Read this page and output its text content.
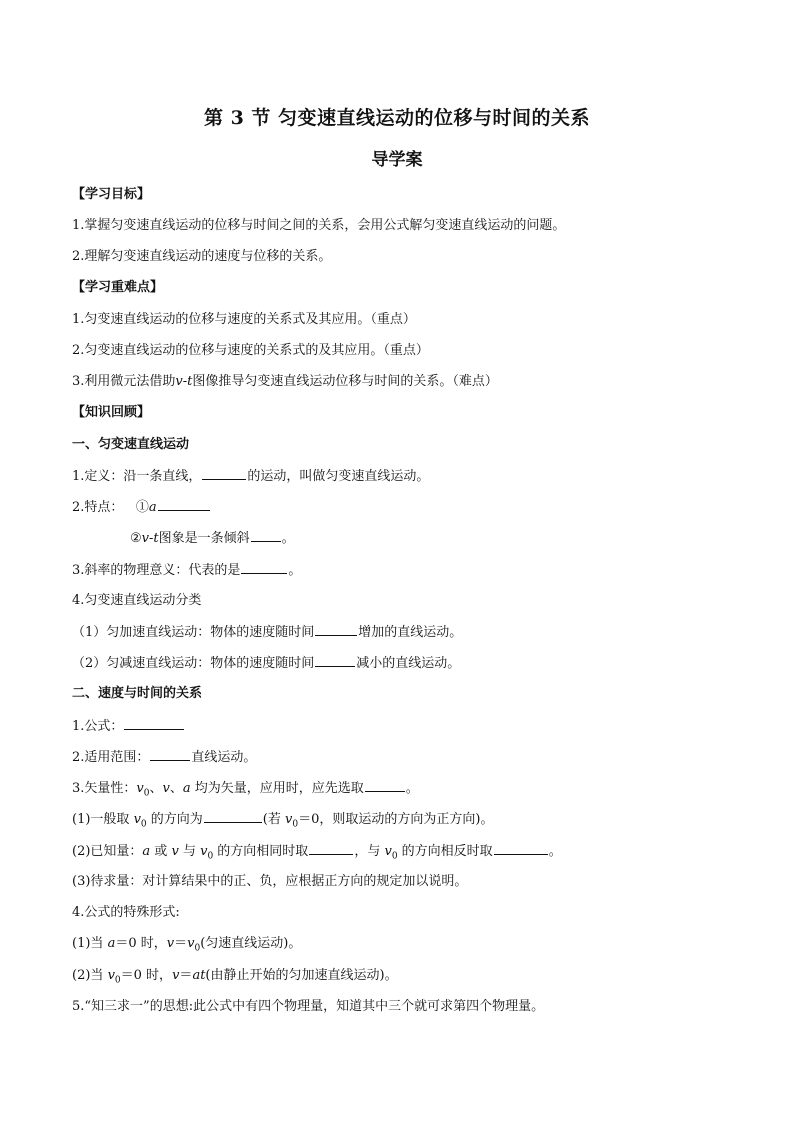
第 3 节 匀变速直线运动的位移与时间的关系
导学案
【学习目标】
1.掌握匀变速直线运动的位移与时间之间的关系，会用公式解匀变速直线运动的问题。
2.理解匀变速直线运动的速度与位移的关系。
【学习重难点】
1.匀变速直线运动的位移与速度的关系式及其应用。（重点）
2.匀变速直线运动的位移与速度的关系式的及其应用。（重点）
3.利用微元法借助v-t图像推导匀变速直线运动位移与时间的关系。（难点）
【知识回顾】
一、匀变速直线运动
1.定义：沿一条直线，	的运动，叫做匀变速直线运动。
2.特点： ①a
②v-t图象是一条倾斜 。
3.斜率的物理意义：代表的是	。
4.匀变速直线运动分类
（1）匀加速直线运动：物体的速度随时间	增加的直线运动。
（2）匀减速直线运动：物体的速度随时间	减小的直线运动。
二、速度与时间的关系
1.公式：
2.适用范围：	直线运动。
3.矢量性：$v_0$、v、a 均为矢量，应用时，应先选取	。
(1)一般取 $v_0$ 的方向为	(若 $v_0=0$，则取运动的方向为正方向)。
(2)已知量：a 或 v 与 $v_0$ 的方向相同时取	，与 $v_0$ 的方向相反时取	。
(3)待求量：对计算结果中的正、负，应根据正方向的规定加以说明。
4.公式的特殊形式:
(1)当 a＝0 时，$v=v_0$(匀速直线运动)。
(2)当 $v_0=0$ 时，v＝at(由静止开始的匀加速直线运动)。
5.“知三求一”的思想:此公式中有四个物理量，知道其中三个就可求第四个物理量。
